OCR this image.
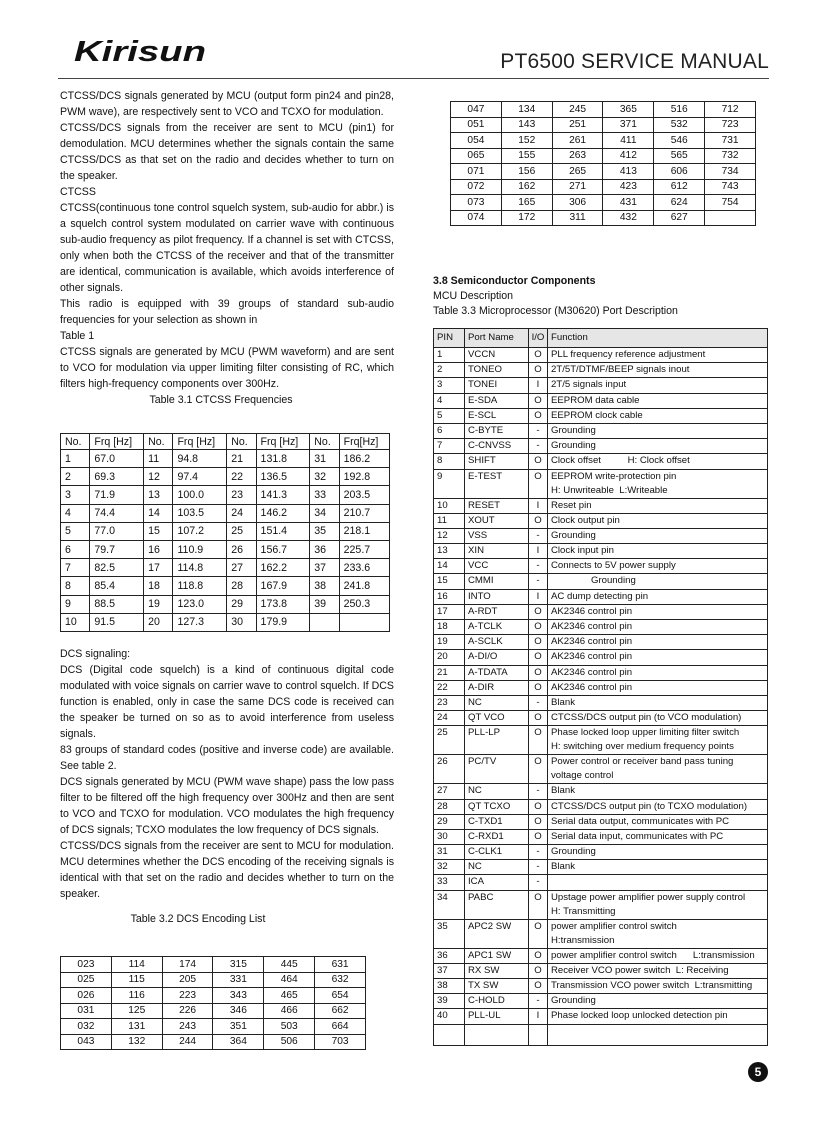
Kirisun	PT6500 SERVICE MANUAL

CTCSS/DCS signals generated by MCU (output form pin24 and pin28, PWM wave), are respectively sent to VCO and TCXO for modulation.

CTCSS/DCS signals from the receiver are sent to MCU (pin1) for demodulation. MCU determines whether the signals contain the same CTCSS/DCS as that set on the radio and decides whether to turn on the speaker.

CTCSS

CTCSS(continuous tone control squelch system, sub-audio for abbr.) is a squelch control system modulated on carrier wave with continuous sub-audio frequency as pilot frequency. If a channel is set with CTCSS, only when both the CTCSS of the receiver and that of the transmitter are identical, communication is available, which avoids interference of other signals.

This radio is equipped with 39 groups of standard sub-audio frequencies for your selection as shown in

Table 1

CTCSS signals are generated by MCU (PWM waveform) and are sent to VCO for modulation via upper limiting filter consisting of RC, which filters high-frequency components over 300Hz.

Table 3.1 CTCSS Frequencies

No.	Frq [Hz]	No.	Frq [Hz]	No.	Frq [Hz]	No.	Frq[Hz]
1	67.0	11	94.8	21	131.8	31	186.2
2	69.3	12	97.4	22	136.5	32	192.8
3	71.9	13	100.0	23	141.3	33	203.5
4	74.4	14	103.5	24	146.2	34	210.7
5	77.0	15	107.2	25	151.4	35	218.1
6	79.7	16	110.9	26	156.7	36	225.7
7	82.5	17	114.8	27	162.2	37	233.6
8	85.4	18	118.8	28	167.9	38	241.8
9	88.5	19	123.0	29	173.8	39	250.3
10	91.5	20	127.3	30	179.9		

DCS signaling:

DCS (Digital code squelch) is a kind of continuous digital code modulated with voice signals on carrier wave to control squelch. If DCS function is enabled, only in case the same DCS code is received can the speaker be turned on so as to avoid interference from useless signals.

83 groups of standard codes (positive and inverse code) are available. See table 2.

DCS signals generated by MCU (PWM wave shape) pass the low pass filter to be filtered off the high frequency over 300Hz and then are sent to VCO and TCXO for modulation. VCO modulates the high frequency of DCS signals; TCXO modulates the low frequency of DCS signals.

CTCSS/DCS signals from the receiver are sent to MCU for modulation. MCU determines whether the DCS encoding of the receiving signals is identical with that set on the radio and decides whether to turn on the speaker.

Table 3.2 DCS Encoding List

023	114	174	315	445	631
025	115	205	331	464	632
026	116	223	343	465	654
031	125	226	346	466	662
032	131	243	351	503	664
043	132	244	364	506	703
047	134	245	365	516	712
051	143	251	371	532	723
054	152	261	411	546	731
065	155	263	412	565	732
071	156	265	413	606	734
072	162	271	423	612	743
073	165	306	431	624	754
074	172	311	432	627	
3.8 Semiconductor Components
MCU Description
Table 3.3 Microprocessor (M30620) Port Description
PIN	Port Name	I/O	Function
1	VCCN	O	PLL frequency reference adjustment

2	TONEO	O	2T/5T/DTMF/BEEP signals inout

3	TONEI	I	2T/5 signals input

4	E-SDA	O	EEPROM data cable

5	E-SCL	O	EEPROM clock cable

6	C-BYTE	-	Grounding

7	C-CNVSS	-	Grounding

8	SHIFT	O	Clock offset          H: Clock offset

9	E-TEST	O	EEPROM write-protection pin
H: Unwriteable  L:Writeable

10	RESET	I	Reset pin

11	XOUT	O	Clock output pin

12	VSS	-	Grounding

13	XIN	I	Clock input pin

14	VCC	-	Connects to 5V power supply

15	CMMI	-	Grounding

16	INTO	I	AC dump detecting pin

17	A-RDT	O	AK2346 control pin

18	A-TCLK	O	AK2346 control pin

19	A-SCLK	O	AK2346 control pin

20	A-DI/O	O	AK2346 control pin

21	A-TDATA	O	AK2346 control pin

22	A-DIR	O	AK2346 control pin

23	NC	-	Blank

24	QT VCO	O	CTCSS/DCS output pin (to VCO modulation)

25	PLL-LP	O	Phase locked loop upper limiting filter switch
H: switching over medium frequency points

26	PC/TV	O	Power control or receiver band pass tuning
voltage control

27	NC	-	Blank

28	QT TCXO	O	CTCSS/DCS output pin (to TCXO modulation)

29	C-TXD1	O	Serial data output, communicates with PC

30	C-RXD1	O	Serial data input, communicates with PC

31	C-CLK1	-	Grounding

32	NC	-	Blank

33	ICA	-	

34	PABC	O	Upstage power amplifier power supply control
H: Transmitting

35	APC2 SW	O	power amplifier control switch
H:transmission

36	APC1 SW	O	power amplifier control switch      L:transmission

37	RX SW	O	Receiver VCO power switch  L: Receiving

38	TX SW	O	Transmission VCO power switch  L:transmitting

39	C-HOLD	-	Grounding

40	PLL-UL	I	Phase locked loop unlocked detection pin

5
